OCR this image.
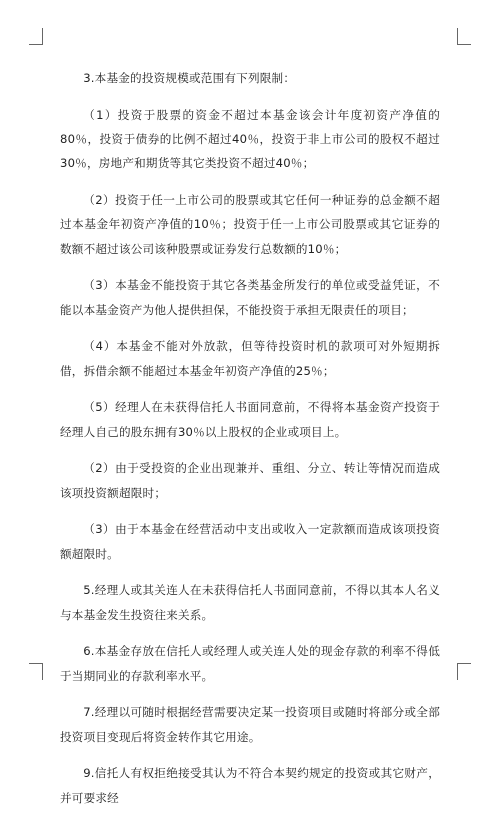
3.本基金的投资规模或范围有下列限制：

（1）投资于股票的资金不超过本基金该会计年度初资产净值的80％，投资于债券的比例不超过40％，投资于非上市公司的股权不超过30％，房地产和期货等其它类投资不超过40％；

（2）投资于任一上市公司的股票或其它任何一种证券的总金额不超过本基金年初资产净值的10％；投资于任一上市公司股票或其它证券的数额不超过该公司该种股票或证券发行总数额的10％；

（3）本基金不能投资于其它各类基金所发行的单位或受益凭证，不能以本基金资产为他人提供担保，不能投资于承担无限责任的项目；

（4）本基金不能对外放款，但等待投资时机的款项可对外短期拆借，拆借余额不能超过本基金年初资产净值的25％；

（5）经理人在未获得信托人书面同意前，不得将本基金资产投资于经理人自己的股东拥有30％以上股权的企业或项目上。

（2）由于受投资的企业出现兼并、重组、分立、转让等情况而造成该项投资额超限时；

（3）由于本基金在经营活动中支出或收入一定款额而造成该项投资额超限时。

5.经理人或其关连人在未获得信托人书面同意前，不得以其本人名义与本基金发生投资往来关系。

6.本基金存放在信托人或经理人或关连人处的现金存款的利率不得低于当期同业的存款利率水平。

7.经理以可随时根据经营需要决定某一投资项目或随时将部分或全部投资项目变现后将资金转作其它用途。

9.信托人有权拒绝接受其认为不符合本契约规定的投资或其它财产，并可要求经
